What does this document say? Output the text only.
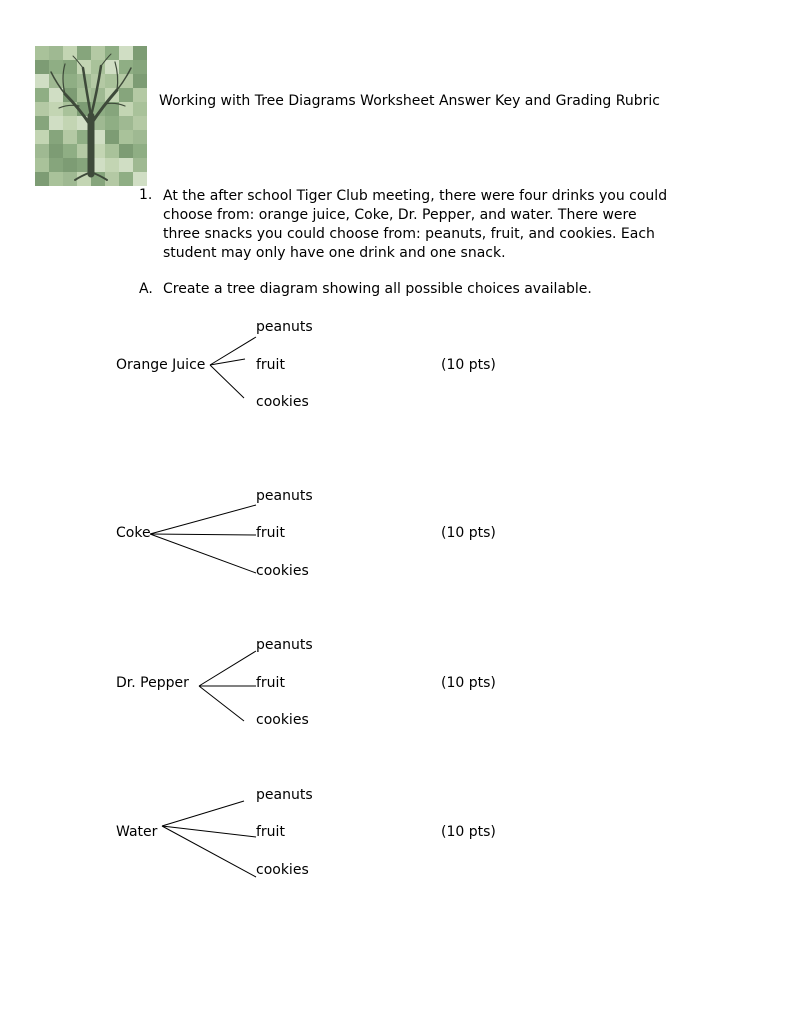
Working with Tree Diagrams Worksheet Answer Key and Grading Rubric
1. At the after school Tiger Club meeting, there were four drinks you could choose from: orange juice, Coke, Dr. Pepper, and water. There were three snacks you could choose from: peanuts, fruit, and cookies. Each student may only have one drink and one snack.
A. Create a tree diagram showing all possible choices available.
Orange Juice
peanuts
fruit
cookies
(10 pts)
Coke
peanuts
fruit
cookies
(10 pts)
Dr. Pepper
peanuts
fruit
cookies
(10 pts)
Water
peanuts
fruit
cookies
(10 pts)
